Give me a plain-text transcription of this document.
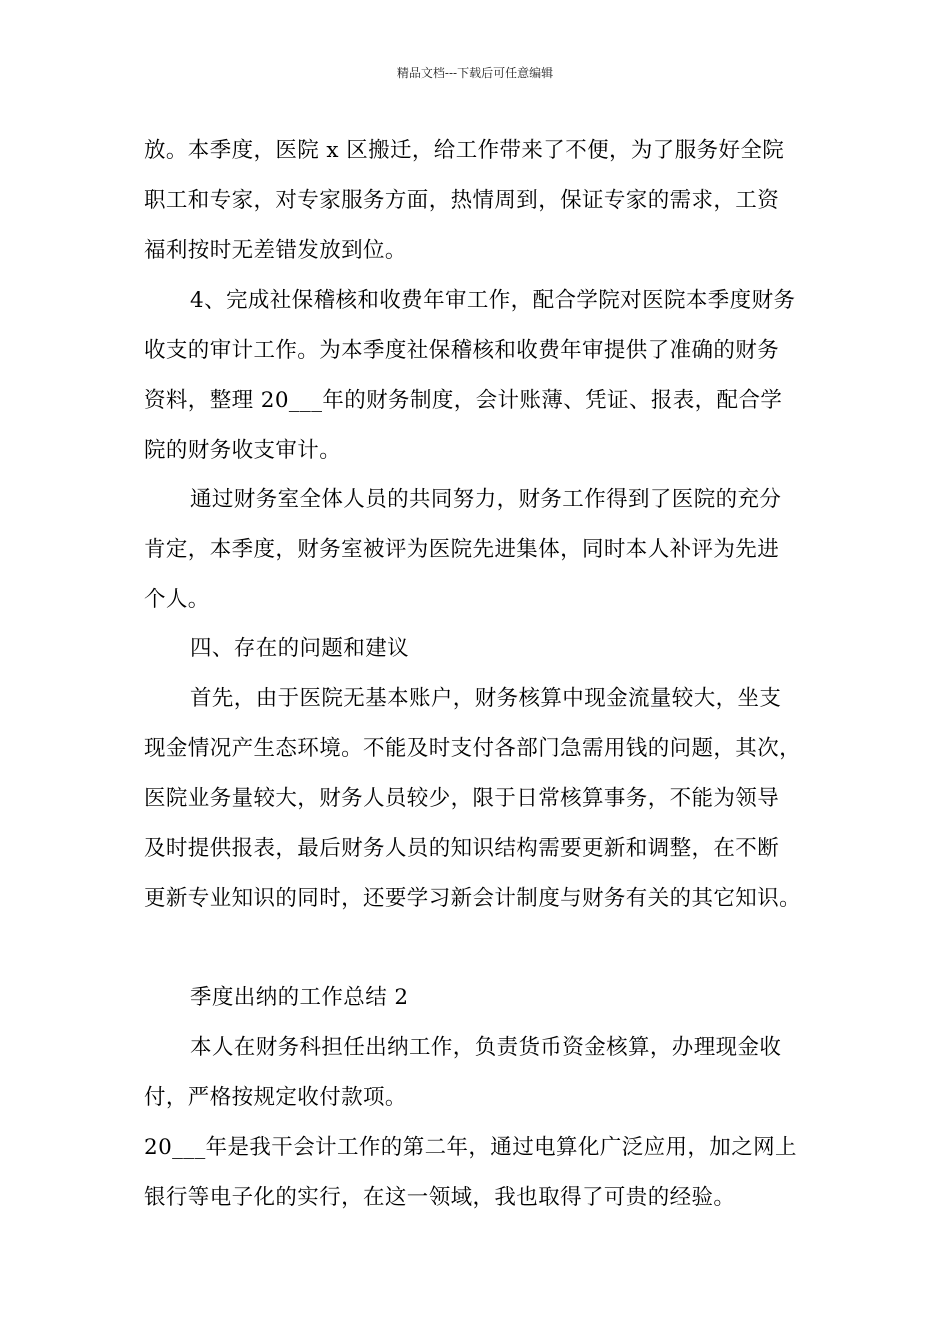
精品文档---下载后可任意编辑
放。本季度，医院 x 区搬迁，给工作带来了不便，为了服务好全院
职工和专家，对专家服务方面，热情周到，保证专家的需求，工资
福利按时无差错发放到位。
4、完成社保稽核和收费年审工作，配合学院对医院本季度财务
收支的审计工作。为本季度社保稽核和收费年审提供了准确的财务
资料，整理 20___年的财务制度，会计账薄、凭证、报表，配合学
院的财务收支审计。
通过财务室全体人员的共同努力，财务工作得到了医院的充分
肯定，本季度，财务室被评为医院先进集体，同时本人补评为先进
个人。
四、存在的问题和建议
首先，由于医院无基本账户，财务核算中现金流量较大，坐支
现金情况产生态环境。不能及时支付各部门急需用钱的问题，其次，
医院业务量较大，财务人员较少，限于日常核算事务，不能为领导
及时提供报表，最后财务人员的知识结构需要更新和调整，在不断
更新专业知识的同时，还要学习新会计制度与财务有关的其它知识。
季度出纳的工作总结 2
本人在财务科担任出纳工作，负责货币资金核算，办理现金收
付，严格按规定收付款项。
20___年是我干会计工作的第二年，通过电算化广泛应用，加之网上
银行等电子化的实行，在这一领域，我也取得了可贵的经验。
